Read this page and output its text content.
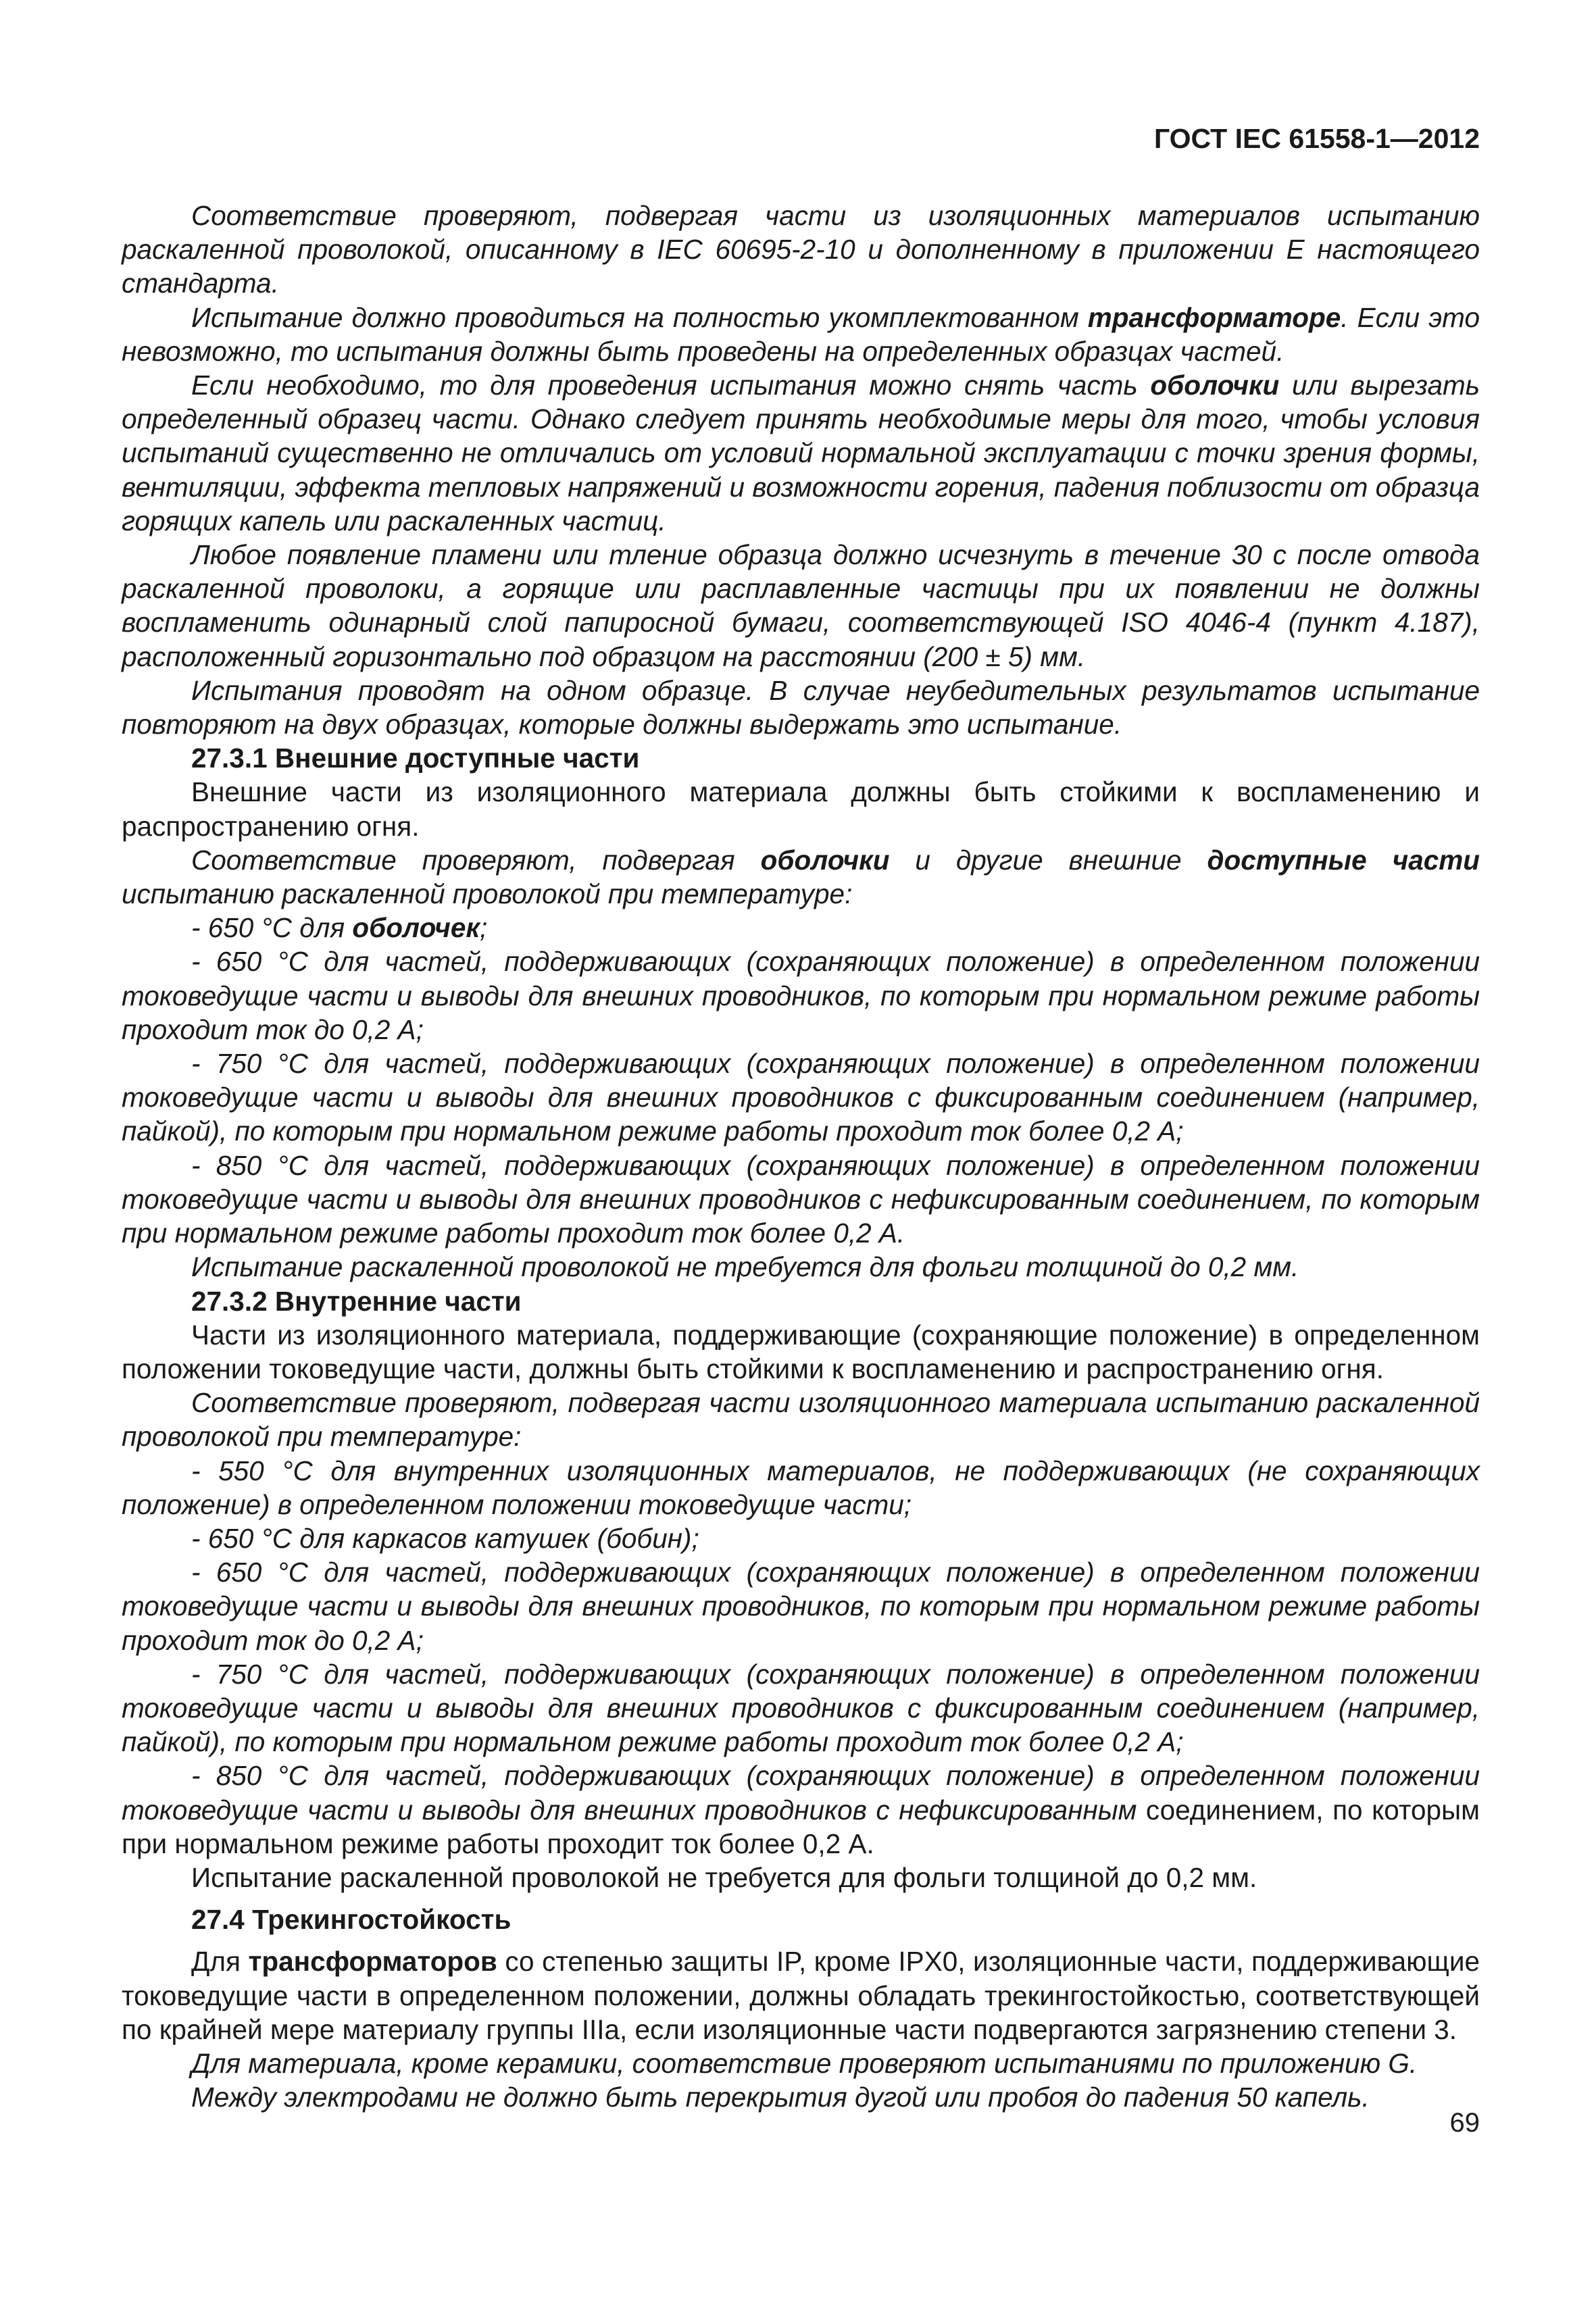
ГОСТ IEC 61558-1—2012

Соответствие проверяют, подвергая части из изоляционных материалов испытанию раскаленной проволокой, описанному в IEC 60695-2-10 и дополненному в приложении Е настоящего стандарта.

Испытание должно проводиться на полностью укомплектованном трансформаторе. Если это невозможно, то испытания должны быть проведены на определенных образцах частей.

Если необходимо, то для проведения испытания можно снять часть оболочки или вырезать определенный образец части. Однако следует принять необходимые меры для того, чтобы условия испытаний существенно не отличались от условий нормальной эксплуатации с точки зрения формы, вентиляции, эффекта тепловых напряжений и возможности горения, падения поблизости от образца горящих капель или раскаленных частиц.

Любое появление пламени или тление образца должно исчезнуть в течение 30 с после отвода раскаленной проволоки, а горящие или расплавленные частицы при их появлении не должны воспламенить одинарный слой папиросной бумаги, соответствующей ISO 4046-4 (пункт 4.187), расположенный горизонтально под образцом на расстоянии (200 ± 5) мм.

Испытания проводят на одном образце. В случае неубедительных результатов испытание повторяют на двух образцах, которые должны выдержать это испытание.

27.3.1 Внешние доступные части

Внешние части из изоляционного материала должны быть стойкими к воспламенению и распространению огня.

Соответствие проверяют, подвергая оболочки и другие внешние доступные части испытанию раскаленной проволокой при температуре:

- 650 °С для оболочек;

- 650 °С для частей, поддерживающих (сохраняющих положение) в определенном положении токоведущие части и выводы для внешних проводников, по которым при нормальном режиме работы проходит ток до 0,2 А;

- 750 °С для частей, поддерживающих (сохраняющих положение) в определенном положении токоведущие части и выводы для внешних проводников с фиксированным соединением (например, пайкой), по которым при нормальном режиме работы проходит ток более 0,2 А;

- 850 °С для частей, поддерживающих (сохраняющих положение) в определенном положении токоведущие части и выводы для внешних проводников с нефиксированным соединением, по которым при нормальном режиме работы проходит ток более 0,2 А.

Испытание раскаленной проволокой не требуется для фольги толщиной до 0,2 мм.

27.3.2 Внутренние части

Части из изоляционного материала, поддерживающие (сохраняющие положение) в определенном положении токоведущие части, должны быть стойкими к воспламенению и распространению огня.

Соответствие проверяют, подвергая части изоляционного материала испытанию раскаленной проволокой при температуре:

- 550 °С для внутренних изоляционных материалов, не поддерживающих (не сохраняющих положение) в определенном положении токоведущие части;

- 650 °С для каркасов катушек (бобин);

- 650 °С для частей, поддерживающих (сохраняющих положение) в определенном положении токоведущие части и выводы для внешних проводников, по которым при нормальном режиме работы проходит ток до 0,2 А;

- 750 °С для частей, поддерживающих (сохраняющих положение) в определенном положении токоведущие части и выводы для внешних проводников с фиксированным соединением (например, пайкой), по которым при нормальном режиме работы проходит ток более 0,2 А;

- 850 °С для частей, поддерживающих (сохраняющих положение) в определенном положении токоведущие части и выводы для внешних проводников с нефиксированным соединением, по которым при нормальном режиме работы проходит ток более 0,2 А.

Испытание раскаленной проволокой не требуется для фольги толщиной до 0,2 мм.

27.4 Трекингостойкость

Для трансформаторов со степенью защиты IP, кроме IPX0, изоляционные части, поддерживающие токоведущие части в определенном положении, должны обладать трекингостойкостью, соответствующей по крайней мере материалу группы IIIа, если изоляционные части подвергаются загрязнению степени 3.

Для материала, кроме керамики, соответствие проверяют испытаниями по приложению G.

Между электродами не должно быть перекрытия дугой или пробоя до падения 50 капель.

69
